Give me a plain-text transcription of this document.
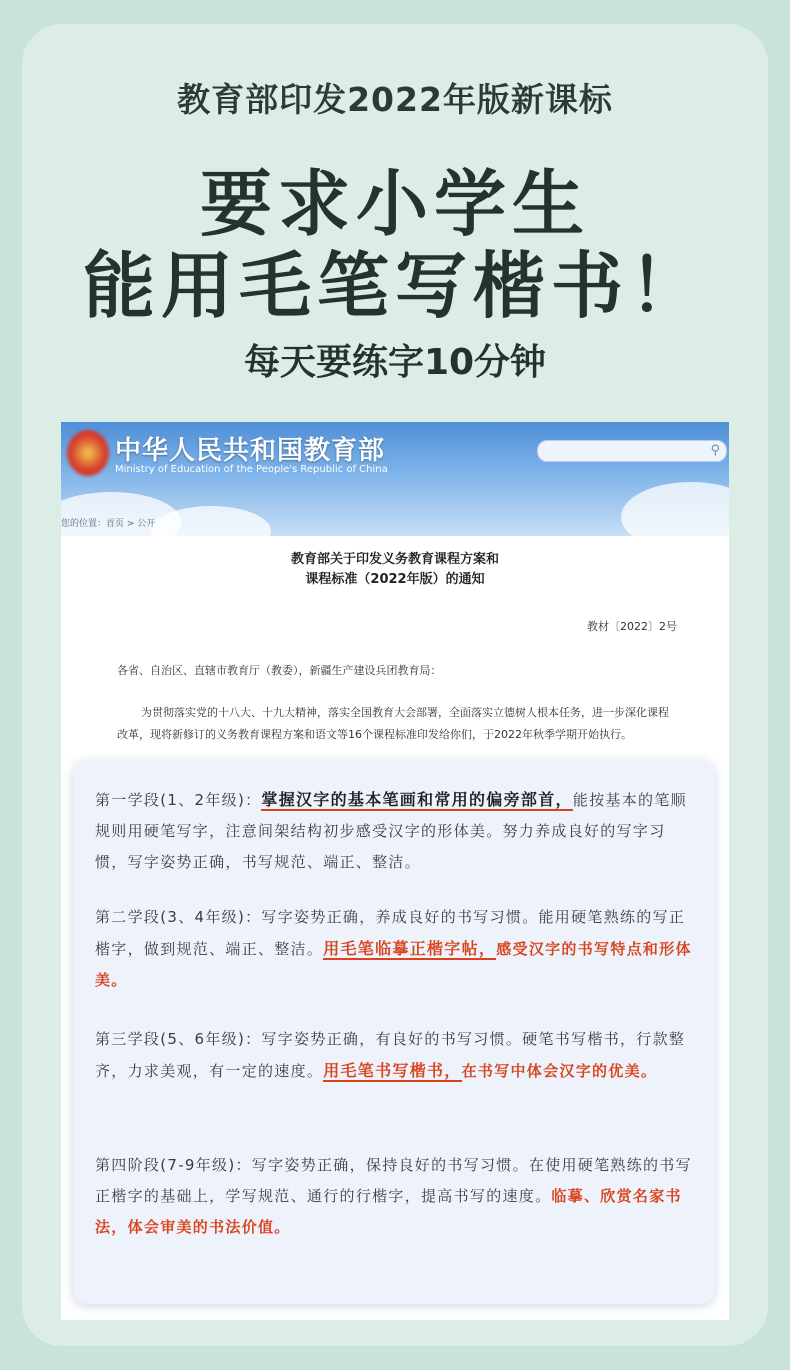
教育部印发2022年版新课标
要求小学生
能用毛笔写楷书！
每天要练字10分钟
中华人民共和国教育部
Ministry of Education of the People's Republic of China
⚲
您的位置：首页 > 公开
教育部关于印发义务教育课程方案和
课程标准（2022年版）的通知
教材〔2022〕2号
各省、自治区、直辖市教育厅（教委），新疆生产建设兵团教育局：
为贯彻落实党的十八大、十九大精神，落实全国教育大会部署，全面落实立德树人根本任务，进一步深化课程改革，现将新修订的义务教育课程方案和语文等16个课程标准印发给你们，于2022年秋季学期开始执行。
第一学段(1、2年级)：掌握汉字的基本笔画和常用的偏旁部首，能按基本的笔顺规则用硬笔写字，注意间架结构初步感受汉字的形体美。努力养成良好的写字习惯，写字姿势正确，书写规范、端正、整洁。
第二学段(3、4年级)：写字姿势正确，养成良好的书写习惯。能用硬笔熟练的写正楷字，做到规范、端正、整洁。用毛笔临摹正楷字帖，感受汉字的书写特点和形体美。
第三学段(5、6年级)：写字姿势正确，有良好的书写习惯。硬笔书写楷书，行款整齐，力求美观，有一定的速度。用毛笔书写楷书，在书写中体会汉字的优美。
第四阶段(7-9年级)：写字姿势正确，保持良好的书写习惯。在使用硬笔熟练的书写正楷字的基础上，学写规范、通行的行楷字，提高书写的速度。临摹、欣赏名家书法，体会审美的书法价值。
